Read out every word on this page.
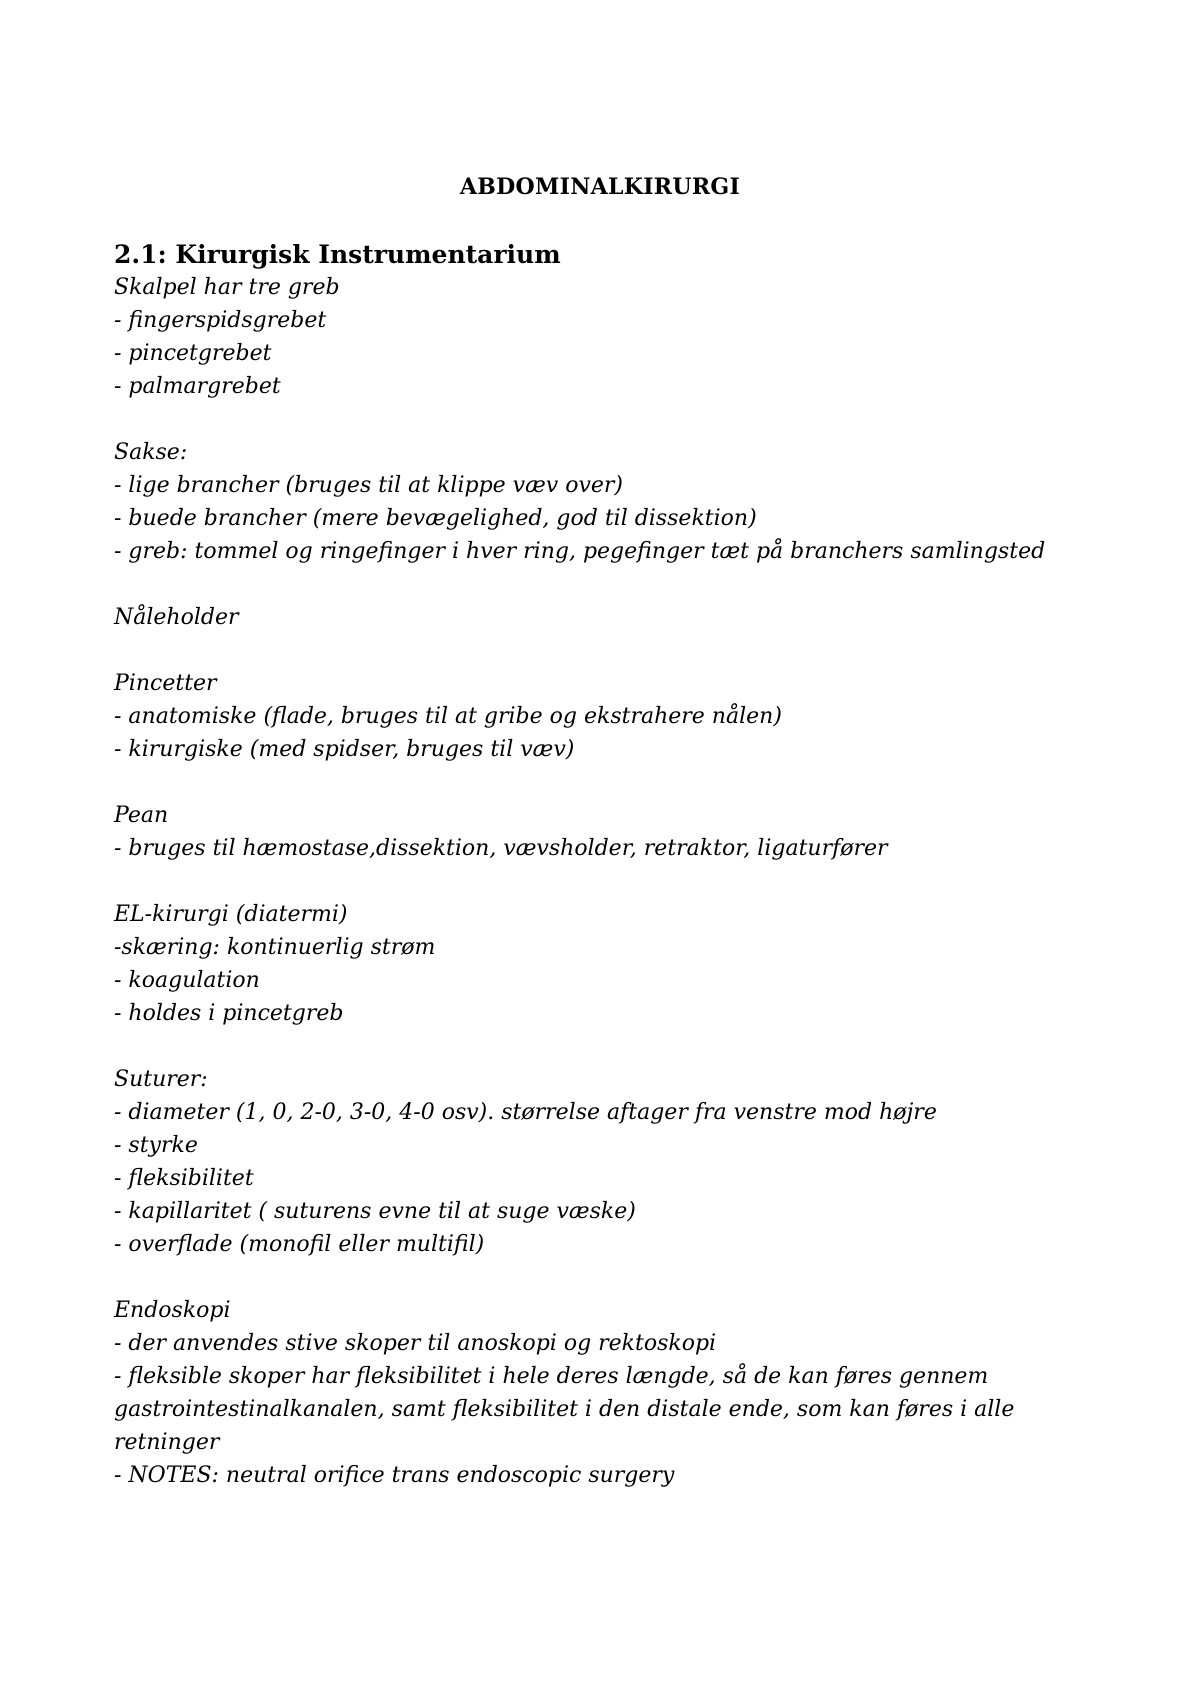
ABDOMINALKIRURGI
2.1: Kirurgisk Instrumentarium

Skalpel har tre greb

- fingerspidsgrebet

- pincetgrebet

- palmargrebet

Sakse:

- lige brancher (bruges til at klippe væv over)

- buede brancher (mere bevægelighed, god til dissektion)

- greb: tommel og ringefinger i hver ring, pegefinger tæt på branchers samlingsted

Nåleholder

Pincetter

- anatomiske (flade, bruges til at gribe og ekstrahere nålen)

- kirurgiske (med spidser, bruges til væv)

Pean

- bruges til hæmostase,dissektion, vævsholder, retraktor, ligaturfører

EL-kirurgi (diatermi)

-skæring: kontinuerlig strøm

- koagulation

- holdes i pincetgreb

Suturer:

- diameter (1, 0, 2-0, 3-0, 4-0 osv). størrelse aftager fra venstre mod højre

- styrke

- fleksibilitet

- kapillaritet ( suturens evne til at suge væske)

- overflade (monofil eller multifil)

Endoskopi

- der anvendes stive skoper til anoskopi og rektoskopi

- fleksible skoper har fleksibilitet i hele deres længde, så de kan føres gennem gastrointestinalkanalen, samt fleksibilitet i den distale ende, som kan føres i alle retninger

- NOTES: neutral orifice trans endoscopic surgery
